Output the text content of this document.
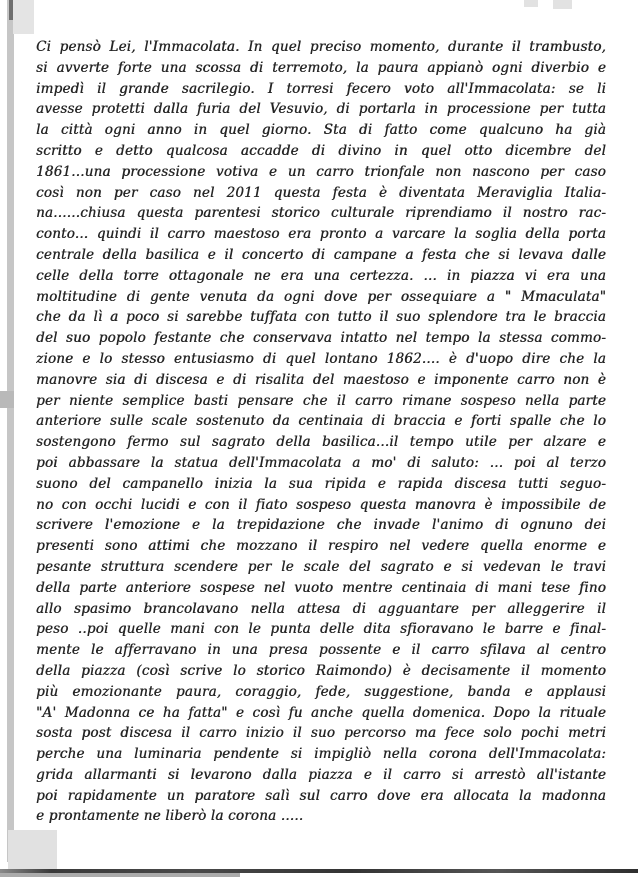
Ci pensò Lei, l'Immacolata. In quel preciso momento, durante il trambusto,
si avverte forte una scossa di terremoto, la paura appianò ogni diverbio e
impedì il grande sacrilegio. I torresi fecero voto all'Immacolata: se li
avesse protetti dalla furia del Vesuvio, di portarla in processione per tutta
la città ogni anno in quel giorno. Sta di fatto come qualcuno ha già
scritto e detto qualcosa accadde di divino in quel otto dicembre del
1861...una processione votiva e un carro trionfale non nascono per caso
così non per caso nel 2011 questa festa è diventata Meraviglia Italia-
na......chiusa questa parentesi storico culturale riprendiamo il nostro rac-
conto... quindi il carro maestoso era pronto a varcare la soglia della porta
centrale della basilica e il concerto di campane a festa che si levava dalle
celle della torre ottagonale ne era una certezza. ... in piazza vi era una
moltitudine di gente venuta da ogni dove per ossequiare a " Mmaculata"
che da lì a poco si sarebbe tuffata con tutto il suo splendore tra le braccia
del suo popolo festante che conservava intatto nel tempo la stessa commo-
zione e lo stesso entusiasmo di quel lontano 1862.... è d'uopo dire che la
manovre sia di discesa e di risalita del maestoso e imponente carro non è
per niente semplice basti pensare che il carro rimane sospeso nella parte
anteriore sulle scale sostenuto da centinaia di braccia e forti spalle che lo
sostengono fermo sul sagrato della basilica...il tempo utile per alzare e
poi abbassare la statua dell'Immacolata a mo' di saluto: ... poi al terzo
suono del campanello inizia la sua ripida e rapida discesa tutti seguo-
no con occhi lucidi e con il fiato sospeso questa manovra è impossibile de
scrivere l'emozione e la trepidazione che invade l'animo di ognuno dei
presenti sono attimi che mozzano il respiro nel vedere quella enorme e
pesante struttura scendere per le scale del sagrato e si vedevan le travi
della parte anteriore sospese nel vuoto mentre centinaia di mani tese fino
allo spasimo brancolavano nella attesa di agguantare per alleggerire il
peso ..poi quelle mani con le punta delle dita sfioravano le barre e final-
mente le afferravano in una presa possente e il carro sfilava al centro
della piazza (così scrive lo storico Raimondo) è decisamente il momento
più emozionante paura, coraggio, fede, suggestione, banda e applausi
"A' Madonna ce ha fatta" e così fu anche quella domenica. Dopo la rituale
sosta post discesa il carro inizio il suo percorso ma fece solo pochi metri
perche una luminaria pendente si impigliò nella corona dell'Immacolata:
grida allarmanti si levarono dalla piazza e il carro si arrestò all'istante
poi rapidamente un paratore salì sul carro dove era allocata la madonna
e prontamente ne liberò la corona .....
